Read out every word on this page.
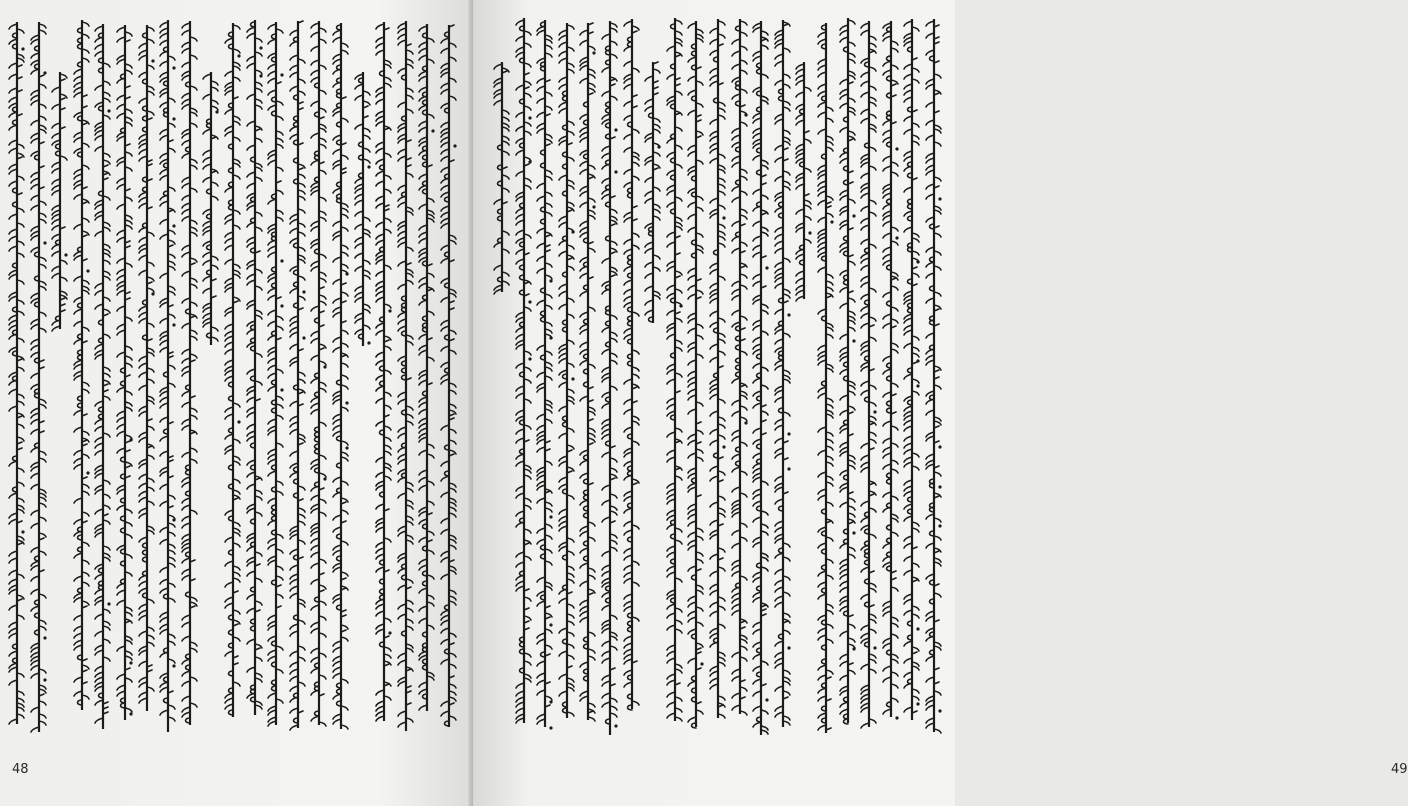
48	49
